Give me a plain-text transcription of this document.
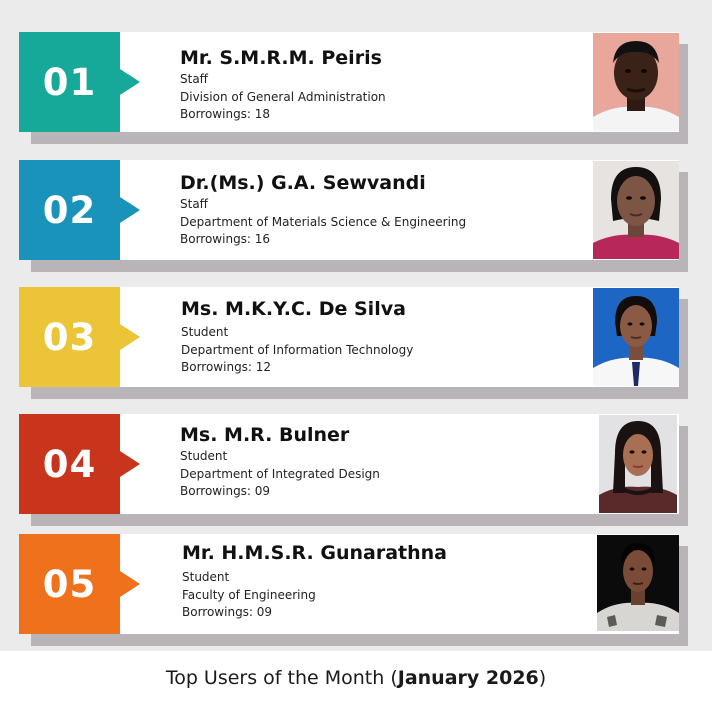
01
Mr. S.M.R.M. Peiris
Staff
Division of General Administration
Borrowings: 18
02
Dr.(Ms.) G.A. Sewvandi
Staff
Department of Materials Science & Engineering
Borrowings: 16
03
Ms. M.K.Y.C. De Silva
Student
Department of Information Technology
Borrowings: 12
04
Ms. M.R. Bulner
Student
Department of Integrated Design
Borrowings: 09
05
Mr. H.M.S.R. Gunarathna
Student
Faculty of Engineering
Borrowings: 09
Top Users of the Month (January 2026)
